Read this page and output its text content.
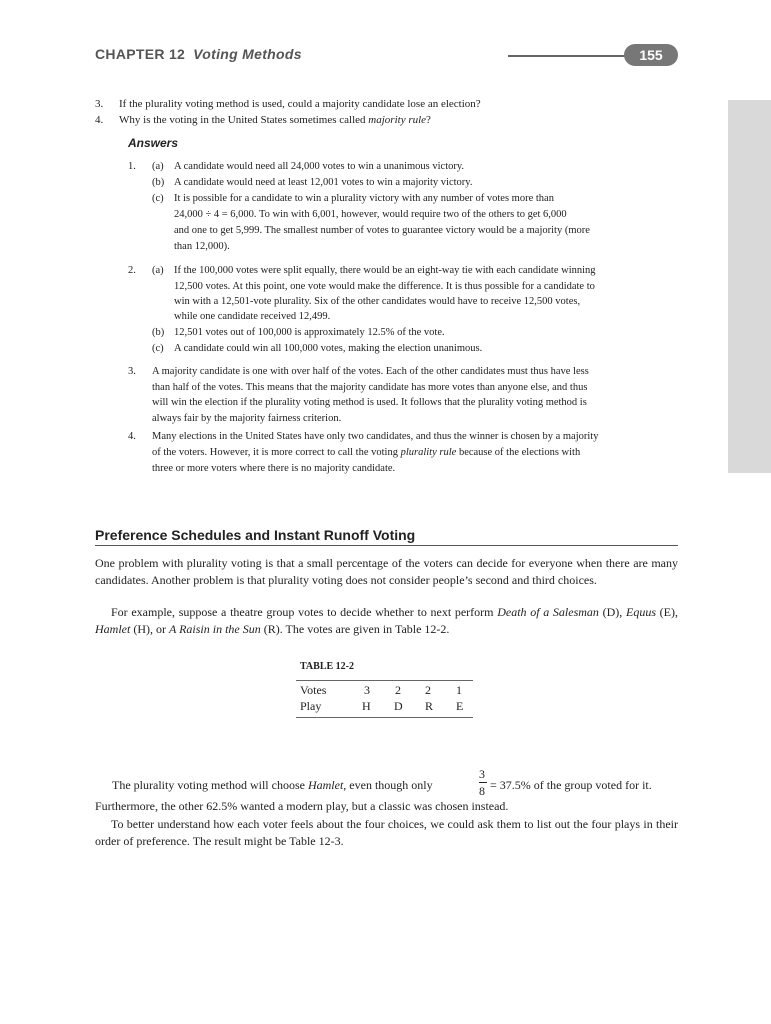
CHAPTER 12 Voting Methods	155
3. If the plurality voting method is used, could a majority candidate lose an election?
4. Why is the voting in the United States sometimes called majority rule?
Answers
1. (a) A candidate would need all 24,000 votes to win a unanimous victory.
(b) A candidate would need at least 12,001 votes to win a majority victory.
(c) It is possible for a candidate to win a plurality victory with any number of votes more than
24,000 ÷ 4 = 6,000. To win with 6,001, however, would require two of the others to get 6,000
and one to get 5,999. The smallest number of votes to guarantee victory would be a majority (more
than 12,000).
2. (a) If the 100,000 votes were split equally, there would be an eight-way tie with each candidate winning
12,500 votes. At this point, one vote would make the difference. It is thus possible for a candidate to
win with a 12,501-vote plurality. Six of the other candidates would have to receive 12,500 votes,
while one candidate received 12,499.
(b) 12,501 votes out of 100,000 is approximately 12.5% of the vote.
(c) A candidate could win all 100,000 votes, making the election unanimous.
3. A majority candidate is one with over half of the votes. Each of the other candidates must thus have less
than half of the votes. This means that the majority candidate has more votes than anyone else, and thus
will win the election if the plurality voting method is used. It follows that the plurality voting method is
always fair by the majority fairness criterion.
4. Many elections in the United States have only two candidates, and thus the winner is chosen by a majority
of the voters. However, it is more correct to call the voting plurality rule because of the elections with
three or more voters where there is no majority candidate.
Preference Schedules and Instant Runoff Voting
One problem with plurality voting is that a small percentage of the voters can decide for everyone when there are many candidates. Another problem is that plurality voting does not consider people’s second and third choices.
For example, suppose a theatre group votes to decide whether to next perform Death of a Salesman (D), Equus (E), Hamlet (H), or A Raisin in the Sun (R). The votes are given in Table 12-2.
TABLE 12-2
Votes	3 2 2 1
Play	H D R E
The plurality voting method will choose Hamlet, even though only
3
8 = 37.5% of the group voted for it.
Furthermore, the other 62.5% wanted a modern play, but a classic was chosen instead.
To better understand how each voter feels about the four choices, we could ask them to list out the four plays in their order of preference. The result might be Table 12-3.
